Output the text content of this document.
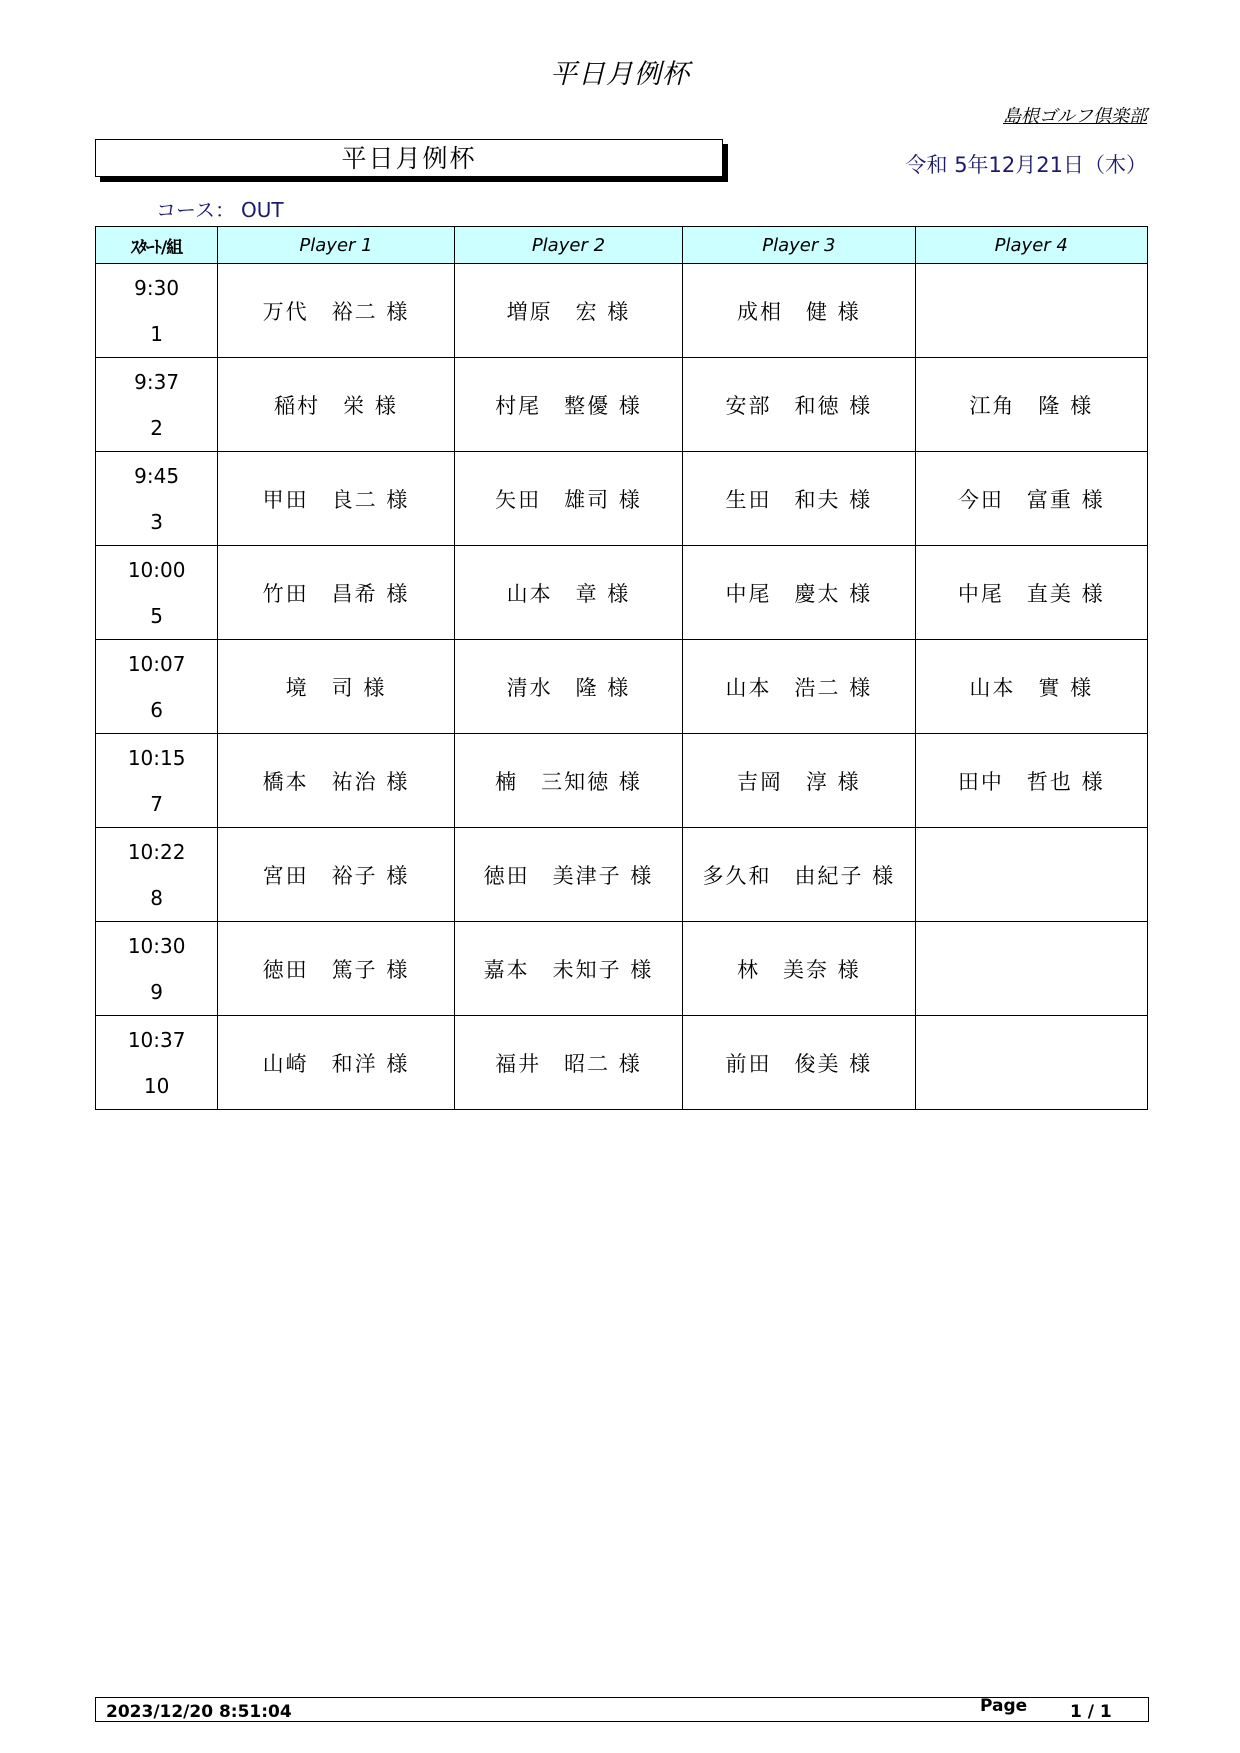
平日月例杯
島根ゴルフ倶楽部
平日月例杯	令和 5年12月21日（木）
コース： OUT
ｽﾀｰﾄ/組	Player 1	Player 2	Player 3	Player 4

9:30
1	万代　裕二 様	増原　宏 様	成相　健 様	

9:37
2	稲村　栄 様	村尾　整優 様	安部　和徳 様	江角　隆 様

9:45
3	甲田　良二 様	矢田　雄司 様	生田　和夫 様	今田　富重 様

10:00
5	竹田　昌希 様	山本　章 様	中尾　慶太 様	中尾　直美 様

10:07
6	境　司 様	清水　隆 様	山本　浩二 様	山本　實 様

10:15
7	橋本　祐治 様	楠　三知徳 様	吉岡　淳 様	田中　哲也 様

10:22
8	宮田　裕子 様	徳田　美津子 様	多久和　由紀子 様	

10:30
9	徳田　篤子 様	嘉本　未知子 様	林　美奈 様	

10:37
10	山崎　和洋 様	福井　昭二 様	前田　俊美 様	
2023/12/20 8:51:04	Page	1 / 1
